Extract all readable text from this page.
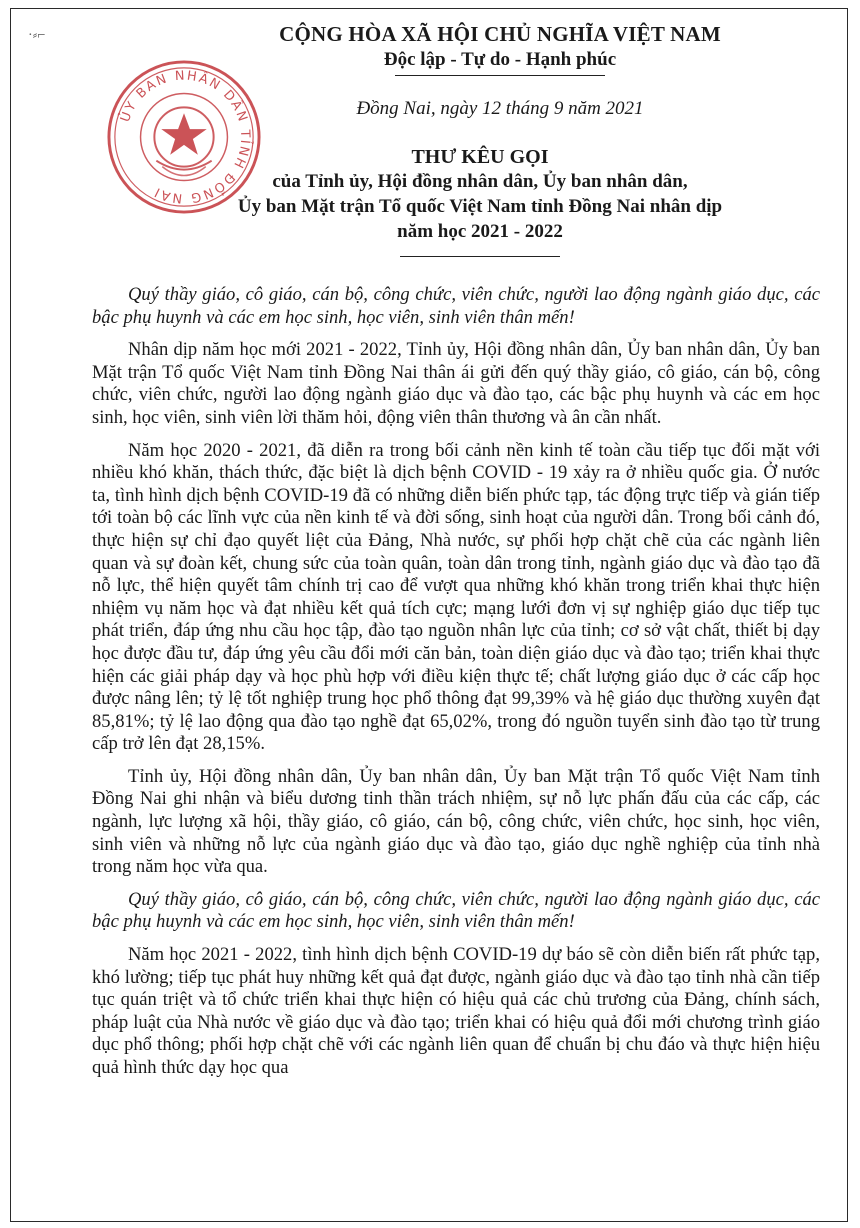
·⸗⌐	CỘNG HÒA XÃ HỘI CHỦ NGHĨA VIỆT NAM
Độc lập - Tự do - Hạnh phúc
Đồng Nai, ngày 12 tháng 9 năm 2021
ỦY BAN NHÂN DÂN TỈNH ĐỒNG NAI
THƯ KÊU GỌI
của Tỉnh ủy, Hội đồng nhân dân, Ủy ban nhân dân,
Ủy ban Mặt trận Tổ quốc Việt Nam tỉnh Đồng Nai nhân dịp
năm học 2021 - 2022

Quý thầy giáo, cô giáo, cán bộ, công chức, viên chức, người lao động ngành giáo dục, các bậc phụ huynh và các em học sinh, học viên, sinh viên thân mến!

Nhân dịp năm học mới 2021 - 2022, Tỉnh ủy, Hội đồng nhân dân, Ủy ban nhân dân, Ủy ban Mặt trận Tổ quốc Việt Nam tỉnh Đồng Nai thân ái gửi đến quý thầy giáo, cô giáo, cán bộ, công chức, viên chức, người lao động ngành giáo dục và đào tạo, các bậc phụ huynh và các em học sinh, học viên, sinh viên lời thăm hỏi, động viên thân thương và ân cần nhất.

Năm học 2020 - 2021, đã diễn ra trong bối cảnh nền kinh tế toàn cầu tiếp tục đối mặt với nhiều khó khăn, thách thức, đặc biệt là dịch bệnh COVID - 19 xảy ra ở nhiều quốc gia. Ở nước ta, tình hình dịch bệnh COVID-19 đã có những diễn biến phức tạp, tác động trực tiếp và gián tiếp tới toàn bộ các lĩnh vực của nền kinh tế và đời sống, sinh hoạt của người dân. Trong bối cảnh đó, thực hiện sự chỉ đạo quyết liệt của Đảng, Nhà nước, sự phối hợp chặt chẽ của các ngành liên quan và sự đoàn kết, chung sức của toàn quân, toàn dân trong tỉnh, ngành giáo dục và đào tạo đã nỗ lực, thể hiện quyết tâm chính trị cao để vượt qua những khó khăn trong triển khai thực hiện nhiệm vụ năm học và đạt nhiều kết quả tích cực; mạng lưới đơn vị sự nghiệp giáo dục tiếp tục phát triển, đáp ứng nhu cầu học tập, đào tạo nguồn nhân lực của tỉnh; cơ sở vật chất, thiết bị dạy học được đầu tư, đáp ứng yêu cầu đổi mới căn bản, toàn diện giáo dục và đào tạo; triển khai thực hiện các giải pháp dạy và học phù hợp với điều kiện thực tế; chất lượng giáo dục ở các cấp học được nâng lên; tỷ lệ tốt nghiệp trung học phổ thông đạt 99,39% và hệ giáo dục thường xuyên đạt 85,81%; tỷ lệ lao động qua đào tạo nghề đạt 65,02%, trong đó nguồn tuyển sinh đào tạo từ trung cấp trở lên đạt 28,15%.

Tỉnh ủy, Hội đồng nhân dân, Ủy ban nhân dân, Ủy ban Mặt trận Tổ quốc Việt Nam tỉnh Đồng Nai ghi nhận và biểu dương tinh thần trách nhiệm, sự nỗ lực phấn đấu của các cấp, các ngành, lực lượng xã hội, thầy giáo, cô giáo, cán bộ, công chức, viên chức, học sinh, học viên, sinh viên và những nỗ lực của ngành giáo dục và đào tạo, giáo dục nghề nghiệp của tỉnh nhà trong năm học vừa qua.

Quý thầy giáo, cô giáo, cán bộ, công chức, viên chức, người lao động ngành giáo dục, các bậc phụ huynh và các em học sinh, học viên, sinh viên thân mến!

Năm học 2021 - 2022, tình hình dịch bệnh COVID-19 dự báo sẽ còn diễn biến rất phức tạp, khó lường; tiếp tục phát huy những kết quả đạt được, ngành giáo dục và đào tạo tỉnh nhà cần tiếp tục quán triệt và tổ chức triển khai thực hiện có hiệu quả các chủ trương của Đảng, chính sách, pháp luật của Nhà nước về giáo dục và đào tạo; triển khai có hiệu quả đổi mới chương trình giáo dục phổ thông; phối hợp chặt chẽ với các ngành liên quan để chuẩn bị chu đáo và thực hiện hiệu quả hình thức dạy học qua
